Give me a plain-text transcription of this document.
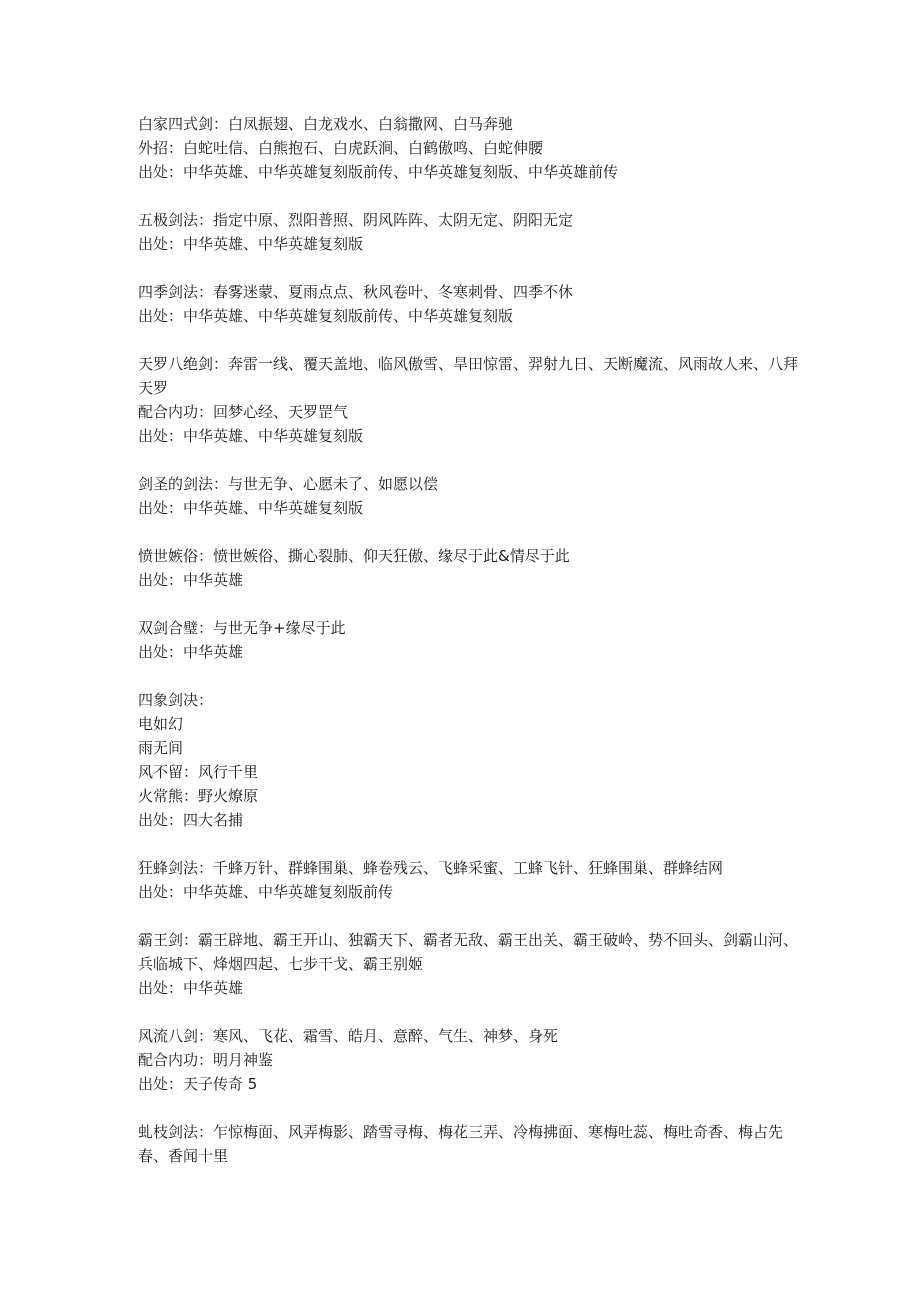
白家四式剑：白凤振翅、白龙戏水、白翁撒网、白马奔驰
外招：白蛇吐信、白熊抱石、白虎跃涧、白鹤傲鸣、白蛇伸腰
出处：中华英雄、中华英雄复刻版前传、中华英雄复刻版、中华英雄前传
五极剑法：指定中原、烈阳普照、阴风阵阵、太阴无定、阴阳无定
出处：中华英雄、中华英雄复刻版
四季剑法：春雾迷蒙、夏雨点点、秋风卷叶、冬寒刺骨、四季不休
出处：中华英雄、中华英雄复刻版前传、中华英雄复刻版
天罗八绝剑：奔雷一线、覆天盖地、临风傲雪、旱田惊雷、羿射九日、天断魔流、风雨故人来、八拜天罗
配合内功：回梦心经、天罗罡气
出处：中华英雄、中华英雄复刻版
剑圣的剑法：与世无争、心愿未了、如愿以偿
出处：中华英雄、中华英雄复刻版
愤世嫉俗：愤世嫉俗、撕心裂肺、仰天狂傲、缘尽于此&情尽于此
出处：中华英雄
双剑合璧：与世无争+缘尽于此
出处：中华英雄
四象剑决：
电如幻
雨无间
风不留：风行千里
火常熊：野火燎原
出处：四大名捕
狂蜂剑法：千蜂万针、群蜂围巢、蜂卷残云、飞蜂采蜜、工蜂飞针、狂蜂围巢、群蜂结网
出处：中华英雄、中华英雄复刻版前传
霸王剑：霸王辟地、霸王开山、独霸天下、霸者无敌、霸王出关、霸王破岭、势不回头、剑霸山河、兵临城下、烽烟四起、七步干戈、霸王别姬
出处：中华英雄
风流八剑：寒风、飞花、霜雪、皓月、意醉、气生、神梦、身死
配合内功：明月神鉴
出处：天子传奇 5
虬枝剑法：乍惊梅面、风弄梅影、踏雪寻梅、梅花三弄、冷梅拂面、寒梅吐蕊、梅吐奇香、梅占先春、香闻十里
